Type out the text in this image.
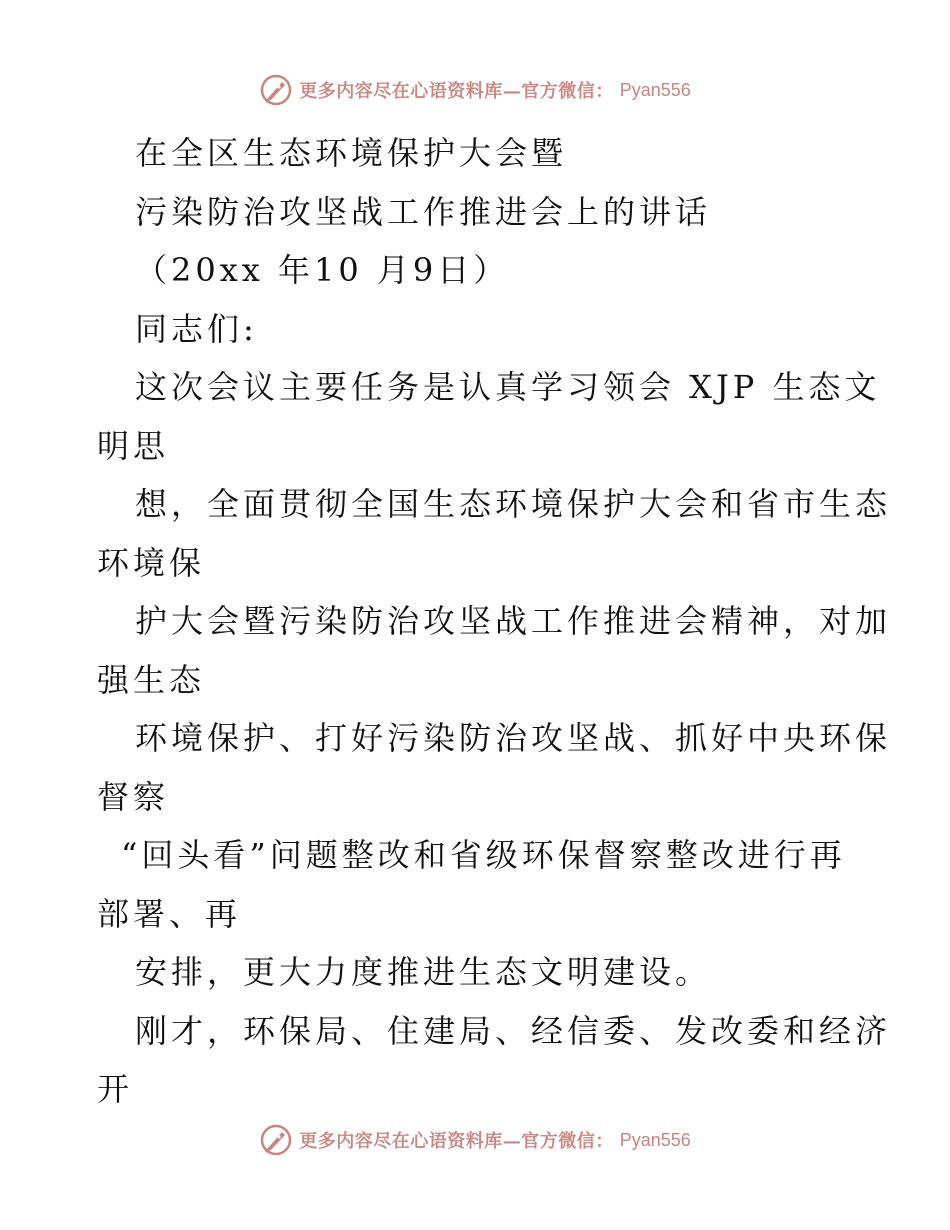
更多内容尽在心语资料库—官方微信： Pyan556
在全区生态环境保护大会暨
污染防治攻坚战工作推进会上的讲话
（20xx 年10 月9日）
同志们:
这次会议主要任务是认真学习领会 XJP 生态文
明思
想，全面贯彻全国生态环境保护大会和省市生态
环境保
护大会暨污染防治攻坚战工作推进会精神，对加
强生态
环境保护、打好污染防治攻坚战、抓好中央环保
督察
“回头看”问题整改和省级环保督察整改进行再
部署、再
安排，更大力度推进生态文明建设。
刚才，环保局、住建局、经信委、发改委和经济
开
更多内容尽在心语资料库—官方微信： Pyan556
